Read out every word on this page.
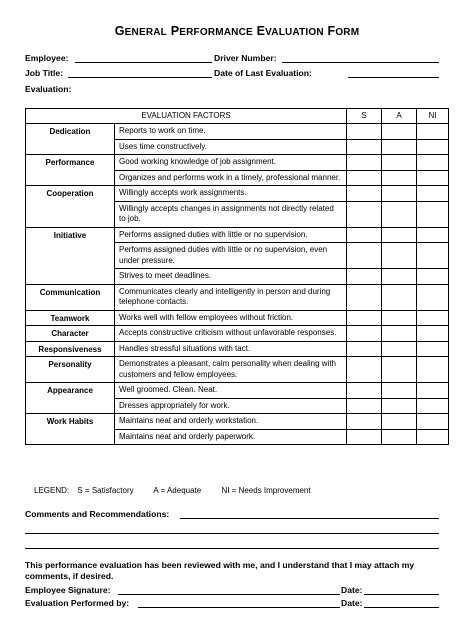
GENERAL PERFORMANCE EVALUATION FORM
Employee:	Driver Number:
Job Title:	Date of Last Evaluation:
Evaluation:
EVALUATION FACTORS		S	A	NI
Dedication	Reports to work on time.			
	Uses time constructively.			
Performance	Good working knowledge of job assignment.			
	Organizes and performs work in a timely, professional manner.			
Cooperation	Willingly accepts work assignments.			
	Willingly accepts changes in assignments not directly related to job.			
Initiative	Performs assigned duties with little or no supervision.			
	Performs assigned duties with little or no supervision, even under pressure.			
	Strives to meet deadlines.			
Communication	Communicates clearly and intelligently in person and during telephone contacts.			
Teamwork	Works well with fellow employees without friction.			
Character	Accepts constructive criticism without unfavorable responses.			
Responsiveness	Handles stressful situations with tact.			
Personality	Demonstrates a pleasant, calm personality when dealing with customers and fellow employees.			
Appearance	Well groomed. Clean. Neat.			
	Dresses appropriately for work.			
Work Habits	Maintains neat and orderly workstation.			
	Maintains neat and orderly paperwork.			
LEGEND: S = Satisfactory A = Adequate	NI = Needs Improvement
Comments and Recommendations:
This performance evaluation has been reviewed with me, and I understand that I may attach my comments, if desired.
Employee Signature:	Date:
Evaluation Performed by:	Date:
